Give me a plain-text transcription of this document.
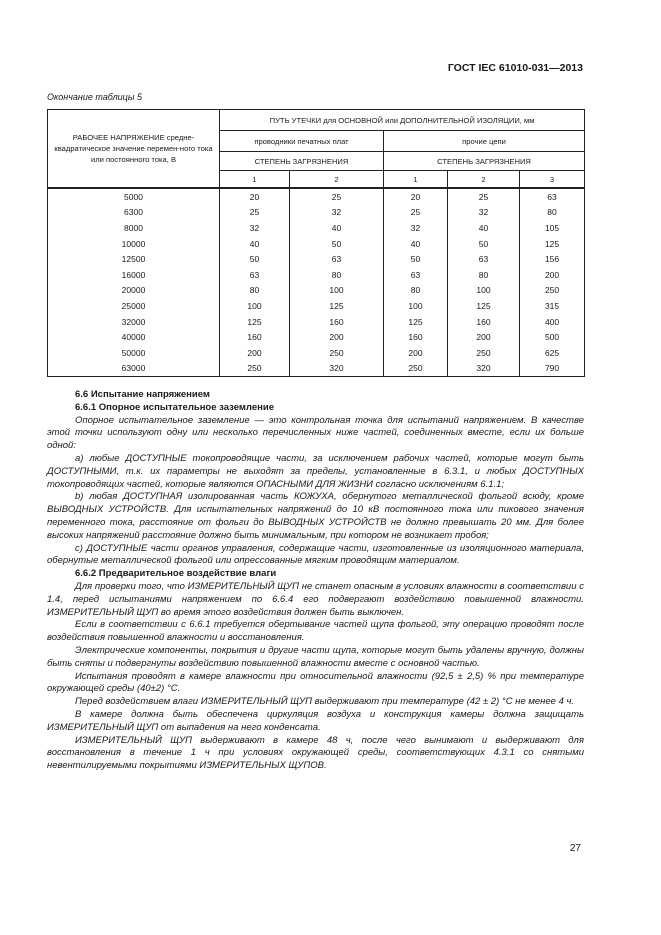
ГОСТ IEC 61010-031—2013
Окончание таблицы 5
РАБОЧЕЕ НАПРЯЖЕНИЕ средне-квадратическое значение перемен-ного тока или постоянного тока, В	ПУТЬ УТЕЧКИ для ОСНОВНОЙ или ДОПОЛНИТЕЛЬНОЙ ИЗОЛЯЦИИ, мм				
	проводники печатных плат		прочие цепи		
	СТЕПЕНЬ ЗАГРЯЗНЕНИЯ		СТЕПЕНЬ ЗАГРЯЗНЕНИЯ		
	1	2	1	2	3
5000	20	25	20	25	63
6300	25	32	25	32	80
8000	32	40	32	40	105
10000	40	50	40	50	125
12500	50	63	50	63	156
16000	63	80	63	80	200
20000	80	100	80	100	250
25000	100	125	100	125	315
32000	125	160	125	160	400
40000	160	200	160	200	500
50000	200	250	200	250	625
63000	250	320	250	320	790

6.6 Испытание напряжением

6.6.1 Опорное испытательное заземление

Опорное испытательное заземление — это контрольная точка для испытаний напряжением. В качестве этой точки используют одну или несколько перечисленных ниже частей, соединенных вместе, если их больше одной:

а) любые ДОСТУПНЫЕ токопроводящие части, за исключением рабочих частей, которые могут быть ДОСТУПНЫМИ, т.к. их параметры не выходят за пределы, установленные в 6.3.1, и любых ДОСТУПНЫХ токопроводящих частей, которые являются ОПАСНЫМИ ДЛЯ ЖИЗНИ согласно исключениям 6.1.1;

b) любая ДОСТУПНАЯ изолированная часть КОЖУХА, обернутого металлической фольгой всюду, кроме ВЫВОДНЫХ УСТРОЙСТВ. Для испытательных напряжений до 10 кВ постоянного тока или пикового значения переменного тока, расстояние от фольги до ВЫВОДНЫХ УСТРОЙСТВ не должно превышать 20 мм. Для более высоких напряжений расстояние должно быть минимальным, при котором не возникает пробоя;

с) ДОСТУПНЫЕ части органов управления, содержащие части, изготовленные из изоляционного материала, обернутые металлической фольгой или опрессованные мягким проводящим материалом.

6.6.2 Предварительное воздействие влаги

Для проверки того, что ИЗМЕРИТЕЛЬНЫЙ ЩУП не станет опасным в условиях влажности в соответствии с 1.4, перед испытаниями напряжением по 6.6.4 его подвергают воздействию повышенной влажности. ИЗМЕРИТЕЛЬНЫЙ ЩУП во время этого воздействия должен быть выключен.

Если в соответствии с 6.6.1 требуется обертывание частей щупа фольгой, эту операцию проводят после воздействия повышенной влажности и восстановления.

Электрические компоненты, покрытия и другие части щупа, которые могут быть удалены вручную, должны быть сняты и подвергнуты воздействию повышенной влажности вместе с основной частью.

Испытания проводят в камере влажности при относительной влажности (92,5 ± 2,5) % при температуре окружающей среды (40±2) °С.

Перед воздействием влаги ИЗМЕРИТЕЛЬНЫЙ ЩУП выдерживают при температуре (42 ± 2) °С не менее 4 ч.

В камере должна быть обеспечена циркуляция воздуха и конструкция камеры должна защищать ИЗМЕРИТЕЛЬНЫЙ ЩУП от выпадения на него конденсата.

ИЗМЕРИТЕЛЬНЫЙ ЩУП выдерживают в камере 48 ч, после чего вынимают и выдерживают для восстановления в течение 1 ч при условиях окружающей среды, соответствующих 4.3.1 со снятыми невентилируемыми покрытиями ИЗМЕРИТЕЛЬНЫХ ЩУПОВ.

27
